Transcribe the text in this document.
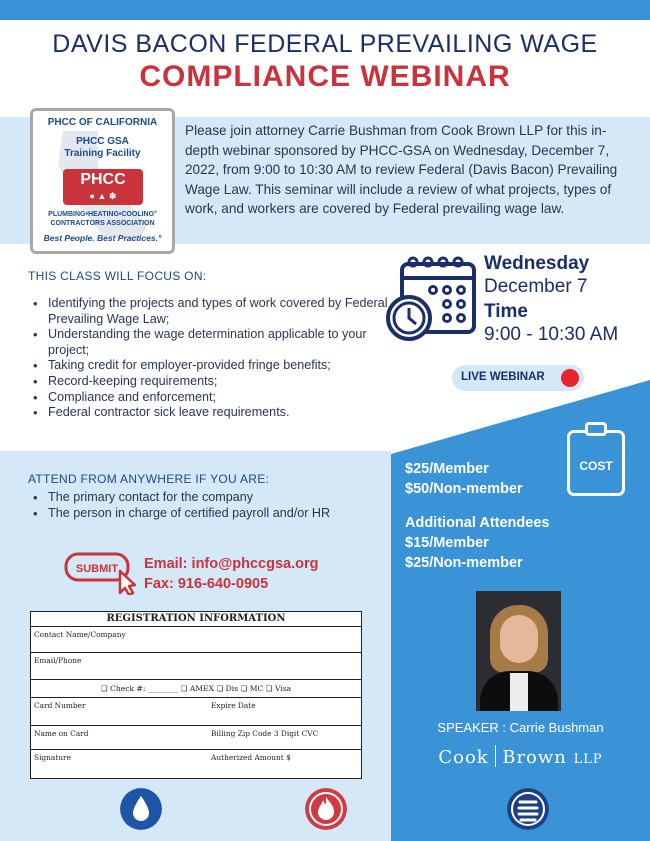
DAVIS BACON FEDERAL PREVAILING WAGE
COMPLIANCE WEBINAR
PHCC OF CALIFORNIA
PHCC GSA
Training Facility
PHCC
● ▲ ❄
PLUMBING•HEATING•COOLING°
CONTRACTORS ASSOCIATION
Best People. Best Practices.°
Please join attorney Carrie Bushman from Cook Brown LLP for this in-depth webinar sponsored by PHCC-GSA on Wednesday, December 7, 2022, from 9:00 to 10:30 AM to review Federal (Davis Bacon) Prevailing Wage Law. This seminar will include a review of what projects, types of work, and workers are covered by Federal prevailing wage law.
THIS CLASS WILL FOCUS ON:
• Identifying the projects and types of work covered by Federal Prevailing Wage Law;
• Understanding the wage determination applicable to your project;
• Taking credit for employer-provided fringe benefits;
• Record-keeping requirements;
• Compliance and enforcement;
• Federal contractor sick leave requirements.
Wednesday
December 7
Time
9:00 - 10:30 AM
LIVE WEBINAR
ATTEND FROM ANYWHERE IF YOU ARE:
• The primary contact for the company
• The person in charge of certified payroll and/or HR
SUBMIT Email: info@phccgsa.org
Fax: 916-640-0905
REGISTRATION INFORMATION
Contact Name/Company
Email/Phone
❏ Check #: ________ ❏ AMEX ❏ Dis ❏ MC ❏ Visa
Card Number	Expire Date
Name on Card	Billing Zip Code 3 Digit CVC
Signature	Autherized Amount $
$25/Member
$50/Non-member
Additional Attendees
$15/Member
$25/Non-member
COST
SPEAKER : Carrie Bushman
Cook Brown LLP
